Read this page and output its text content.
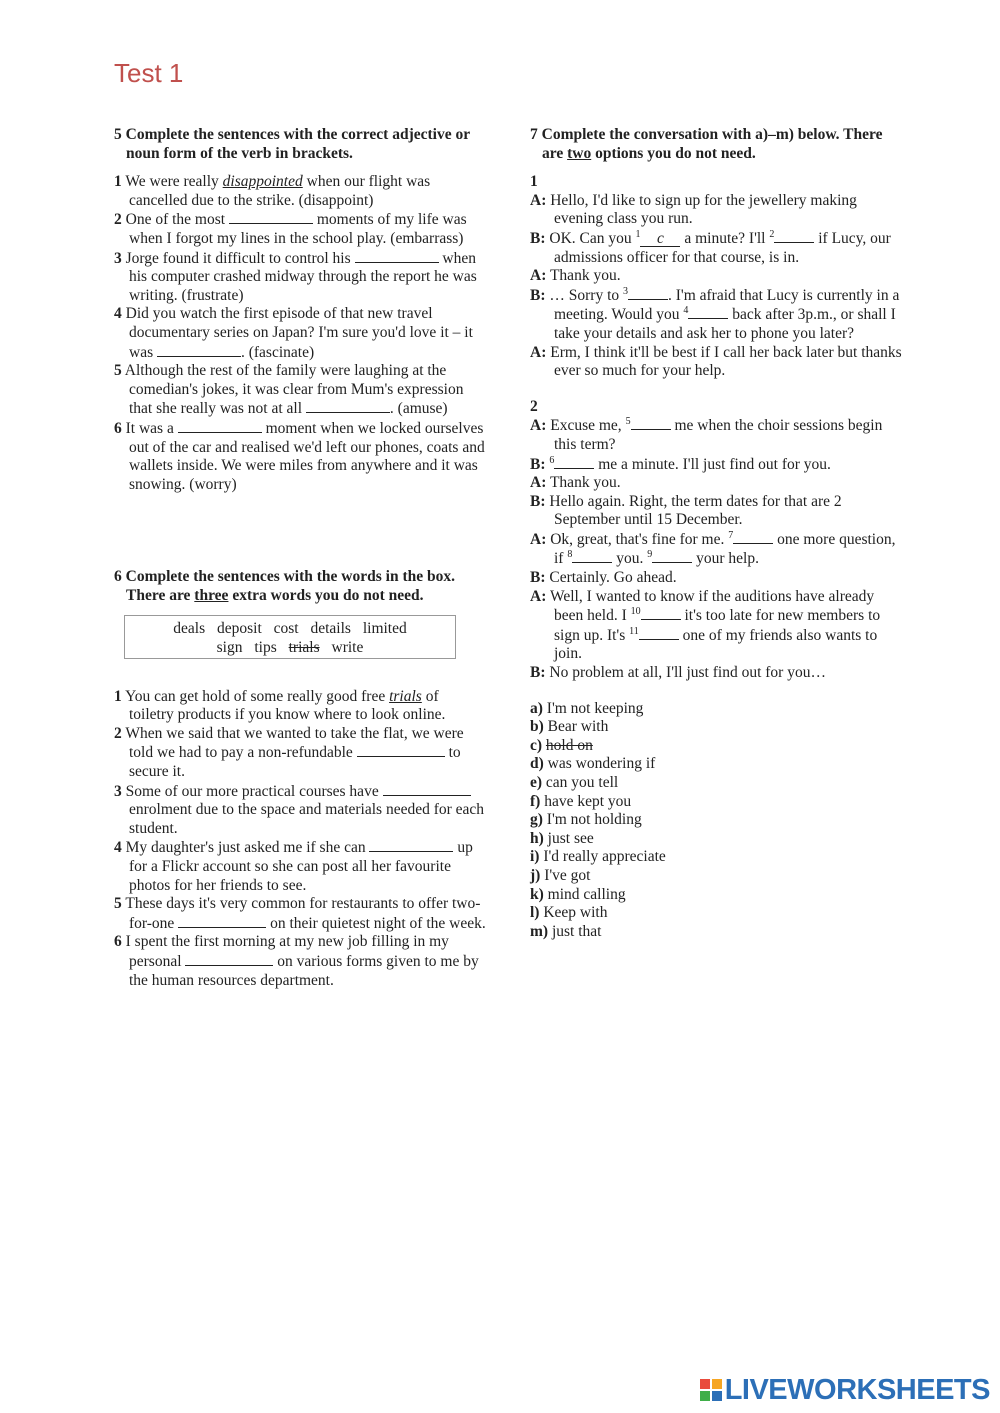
Test 1

5 Complete the sentences with the correct adjective or noun form of the verb in brackets.

1 We were really disappointed when our flight was cancelled due to the strike. (disappoint)
2 One of the most	moments of my life was when I forgot my lines in the school play. (embarrass)
3 Jorge found it difficult to control his	when his computer crashed midway through the report he was writing. (frustrate)
4 Did you watch the first episode of that new travel documentary series on Japan? I'm sure you'd love it – it was	. (fascinate)
5 Although the rest of the family were laughing at the comedian's jokes, it was clear from Mum's expression that she really was not at all	. (amuse)
6 It was a	moment when we locked ourselves out of the car and realised we'd left our phones, coats and wallets inside. We were miles from anywhere and it was snowing. (worry)

6 Complete the sentences with the words in the box. There are three extra words you do not need.

deals deposit cost details limited
sign tips trials write
1 You can get hold of some really good free trials of toiletry products if you know where to look online.
2 When we said that we wanted to take the flat, we were told we had to pay a non-refundable	to secure it.
3 Some of our more practical courses have  enrolment due to the space and materials needed for each student.
4 My daughter's just asked me if she can	up for a Flickr account so she can post all her favourite photos for her friends to see.
5 These days it's very common for restaurants to offer two-for-one	on their quietest night of the week.
6 I spent the first morning at my new job filling in my personal	on various forms given to me by the human resources department.

7 Complete the conversation with a)–m) below. There are two options you do not need.

1

A: Hello, I'd like to sign up for the jewellery making evening class you run.

B: OK. Can you $^1$ c a minute? I'll $^2$	if Lucy, our admissions officer for that course, is in.

A: Thank you.

B: … Sorry to $^3$	. I'm afraid that Lucy is currently in a meeting. Would you $^4$	back after 3p.m., or shall I take your details and ask her to phone you later?

A: Erm, I think it'll be best if I call her back later but thanks ever so much for your help.

2

A: Excuse me, $^5$	me when the choir sessions begin this term?

B: $^6$	me a minute. I'll just find out for you.

A: Thank you.

B: Hello again. Right, the term dates for that are 2 September until 15 December.

A: Ok, great, that's fine for me. $^7$	one more question, if $^8$	you. $^9$	your help.

B: Certainly. Go ahead.

A: Well, I wanted to know if the auditions have already been held. I $^{10}$	it's too late for new members to sign up. It's $^{11}$	one of my friends also wants to join.

B: No problem at all, I'll just find out for you…

a) I'm not keeping
b) Bear with
c) hold on
d) was wondering if
e) can you tell
f) have kept you
g) I'm not holding
h) just see
i) I'd really appreciate
j) I've got
k) mind calling
l) Keep with
m) just that
LIVEWORKSHEETS
